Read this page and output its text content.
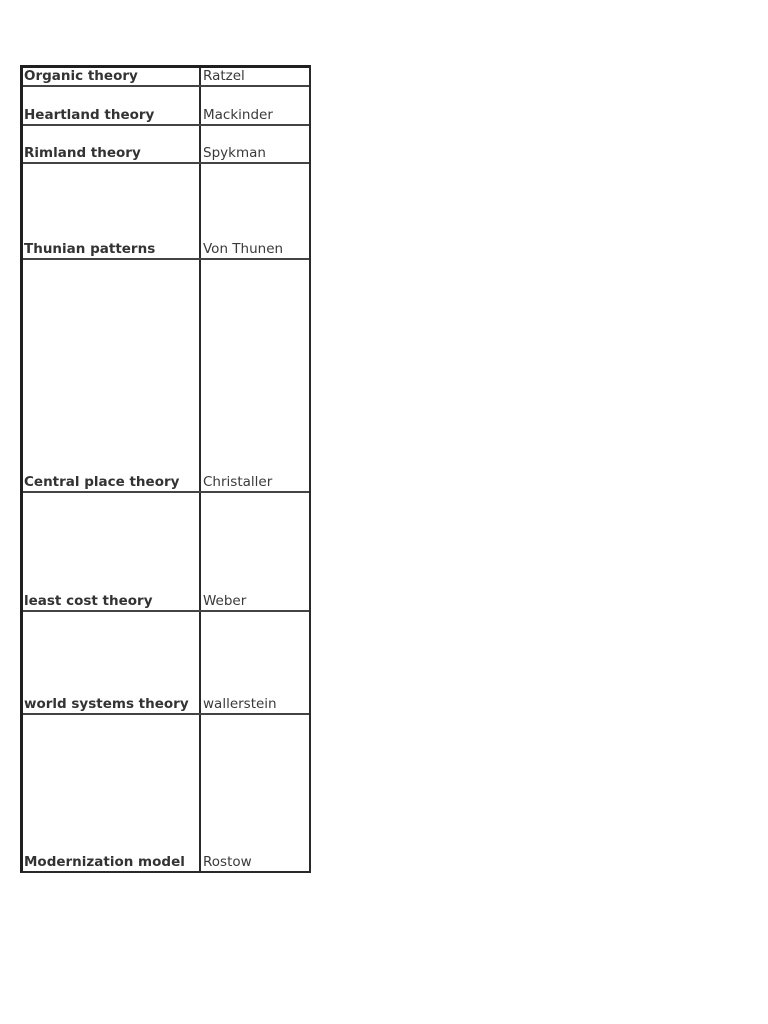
Organic theory	Ratzel
Heartland theory	Mackinder
Rimland theory	Spykman
Thunian patterns	Von Thunen
Central place theory	Christaller
least cost theory	Weber
world systems theory	wallerstein
Modernization model	Rostow
